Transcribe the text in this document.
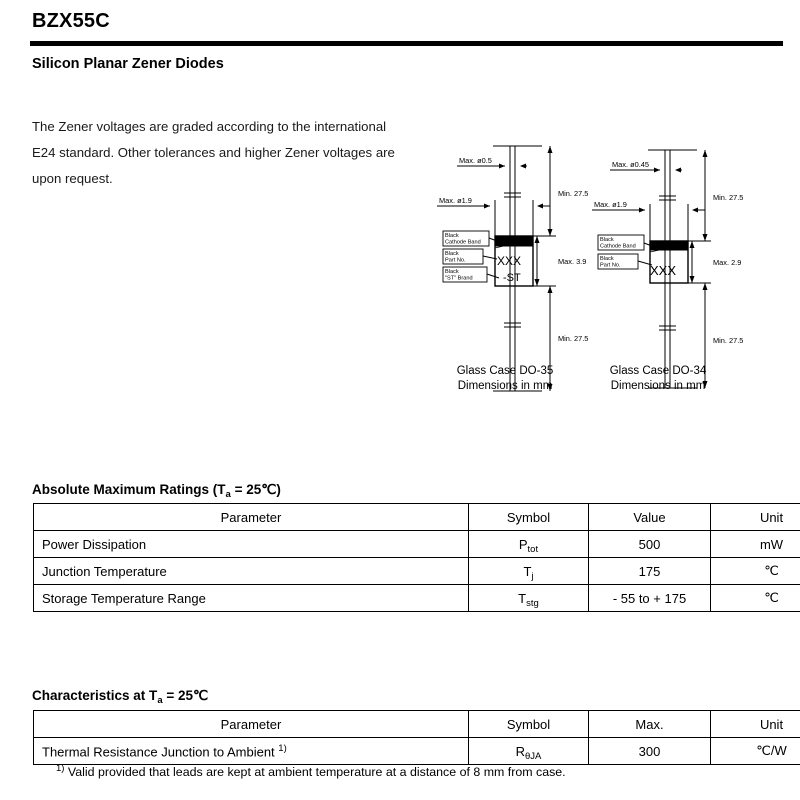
BZX55C
Silicon Planar Zener Diodes
The Zener voltages are graded according to the international E24 standard. Other tolerances and higher Zener voltages are upon request.
Max. ø0.5
Max. ø1.9
Min. 27.5
Max. 3.9
Min. 27.5
Black
Cathode Band
Black
Part No.
Black
"ST" Brand
XXX
-ST
Glass Case DO-35
Dimensions in mm
Max. ø0.45
Max. ø1.9
Min. 27.5
Max. 2.9
Min. 27.5
Black
Cathode Band
Black
Part No. XXX
Glass Case DO-34
Dimensions in mm
Absolute Maximum Ratings ($T_a$ = 25℃)
Parameter	Symbol	Value	Unit
Power Dissipation	$P_{tot}$	500	mW
Junction Temperature	$T_j$	175	℃
Storage Temperature Range	$T_{stg}$	- 55 to + 175	℃
Characteristics at $T_a$ = 25℃
Parameter	Symbol	Max.	Unit
Thermal Resistance Junction to Ambient $^{1)}$	$R_{\theta JA}$	300	℃/W
$^{1)}$ Valid provided that leads are kept at ambient temperature at a distance of 8 mm from case.
